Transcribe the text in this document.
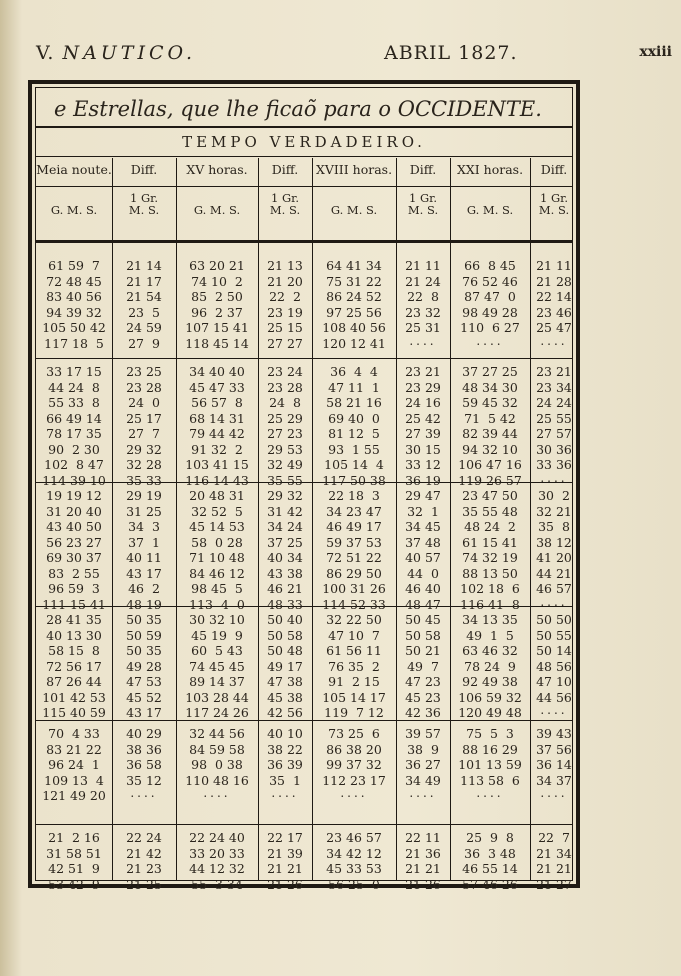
V. NAUTICO.	ABRIL 1827.	xxiii
e Estrellas, que lhe ficaõ para o OCCIDENTE.
TEMPO VERDADEIRO.
Meia noute.
G. M. S.
61 59  7
72 48 45
83 40 56
94 39 32
105 50 42
117 18  5
33 17 15
44 24  8
55 33  8
66 49 14
78 17 35
90  2 30
102  8 47
114 39 10
19 19 12
31 20 40
43 40 50
56 23 27
69 30 37
83  2 55
96 59  3
111 15 41
28 41 35
40 13 30
58 15  8
72 56 17
87 26 44
101 42 53
115 40 59
70  4 33
83 21 22
96 24  1
109 13  4
121 49 20
21  2 16
31 58 51
42 51  9
53 42  9
Diff.
1 Gr.
M. S.
21 14
21 17
21 54
23  5
24 59
27  9
23 25
23 28
24  0
25 17
27  7
29 32
32 28
35 33
29 19
31 25
34  3
37  1
40 11
43 17
46  2
48 19
50 35
50 59
50 35
49 28
47 53
45 52
43 17
40 29
38 36
36 58
35 12
....
22 24
21 42
21 23
21 25
XV horas.
G. M. S.
63 20 21
74 10  2
85  2 50
96  2 37
107 15 41
118 45 14
34 40 40
45 47 33
56 57  8
68 14 31
79 44 42
91 32  2
103 41 15
116 14 43
20 48 31
32 52  5
45 14 53
58  0 28
71 10 48
84 46 12
98 45  5
113  4  0
30 32 10
45 19  9
60  5 43
74 45 45
89 14 37
103 28 44
117 24 26
32 44 56
84 59 58
98  0 38
110 48 16
....
22 24 40
33 20 33
44 12 32
55  3 34
Diff.
1 Gr.
M. S.
21 13
21 20
22  2
23 19
25 15
27 27
23 24
23 28
24  8
25 29
27 23
29 53
32 49
35 55
29 32
31 42
34 24
37 25
40 34
43 38
46 21
48 33
50 40
50 58
50 48
49 17
47 38
45 38
42 56
40 10
38 22
36 39
35  1
....
22 17
21 39
21 21
21 26
XVIII horas.
G. M. S.
64 41 34
75 31 22
86 24 52
97 25 56
108 40 56
120 12 41
36  4  4
47 11  1
58 21 16
69 40  0
81 12  5
93  1 55
105 14  4
117 50 38
22 18  3
34 23 47
46 49 17
59 37 53
72 51 22
86 29 50
100 31 26
114 52 33
32 22 50
47 10  7
61 56 11
76 35  2
91  2 15
105 14 17
119  7 12
73 25  6
86 38 20
99 37 32
112 23 17
....
23 46 57
34 42 12
45 33 53
56 25  0
Diff.
1 Gr.
M. S.
21 11
21 24
22  8
23 32
25 31
....
23 21
23 29
24 16
25 42
27 39
30 15
33 12
36 19
29 47
32  1
34 45
37 48
40 57
44  0
46 40
48 47
50 45
50 58
50 21
49  7
47 23
45 23
42 36
39 57
38  9
36 27
34 49
....
22 11
21 36
21 21
21 26
XXI horas.
G. M. S.
66  8 45
76 52 46
87 47  0
98 49 28
110  6 27
....
37 27 25
48 34 30
59 45 32
71  5 42
82 39 44
94 32 10
106 47 16
119 26 57
23 47 50
35 55 48
48 24  2
61 15 41
74 32 19
88 13 50
102 18  6
116 41  8
34 13 35
49  1  5
63 46 32
78 24  9
92 49 38
106 59 32
120 49 48
75  5  3
88 16 29
101 13 59
113 58  6
....
25  9  8
36  3 48
46 55 14
57 46 26
Diff.
1 Gr.
M. S.
21 11
21 28
22 14
23 46
25 47

....
23 21
23 34
24 24
25 55
27 57
30 36
33 36
....
30  2
32 21
35  8
38 12
41 20
44 21
46 57
....
50 50
50 55
50 14
48 56
47 10
44 56
....
39 43
37 56
36 14
34 37
....
22  7
21 34
21 21
21 27
